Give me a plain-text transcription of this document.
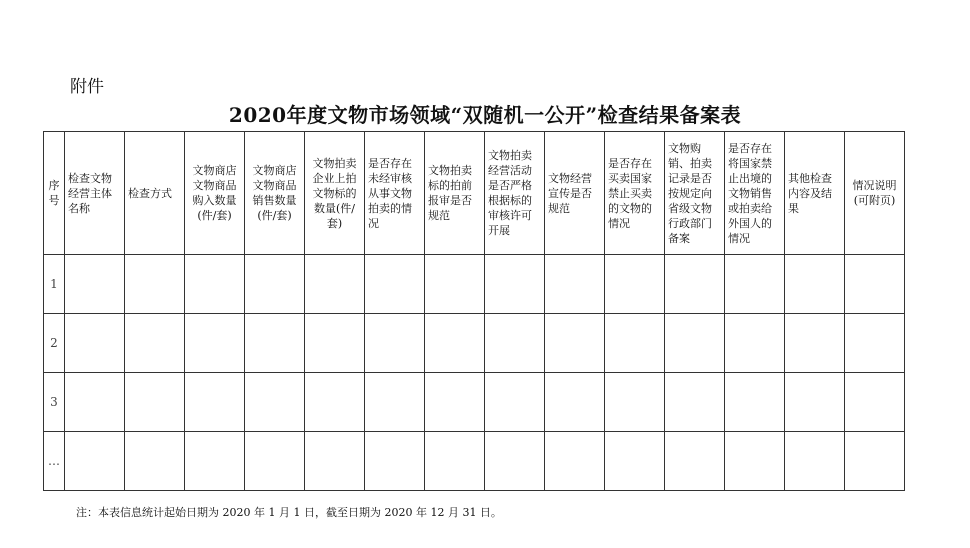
附件
2020年度文物市场领域“双随机一公开”检查结果备案表
序号	检查文物经营主体名称	检查方式	文物商店文物商品购入数量(件/套)	文物商店文物商品销售数量(件/套)	文物拍卖企业上拍文物标的数量(件/套)	是否存在未经审核从事文物拍卖的情况	文物拍卖标的拍前报审是否规范	文物拍卖经营活动是否严格根据标的审核许可开展	文物经营宣传是否规范	是否存在买卖国家禁止买卖的文物的情况	文物购销、拍卖记录是否按规定向省级文物行政部门备案	是否存在将国家禁止出境的文物销售或拍卖给外国人的情况	其他检查内容及结果	情况说明(可附页)
1														
2														
3														
…														
注：本表信息统计起始日期为 2020 年 1 月 1 日，截至日期为 2020 年 12 月 31 日。
